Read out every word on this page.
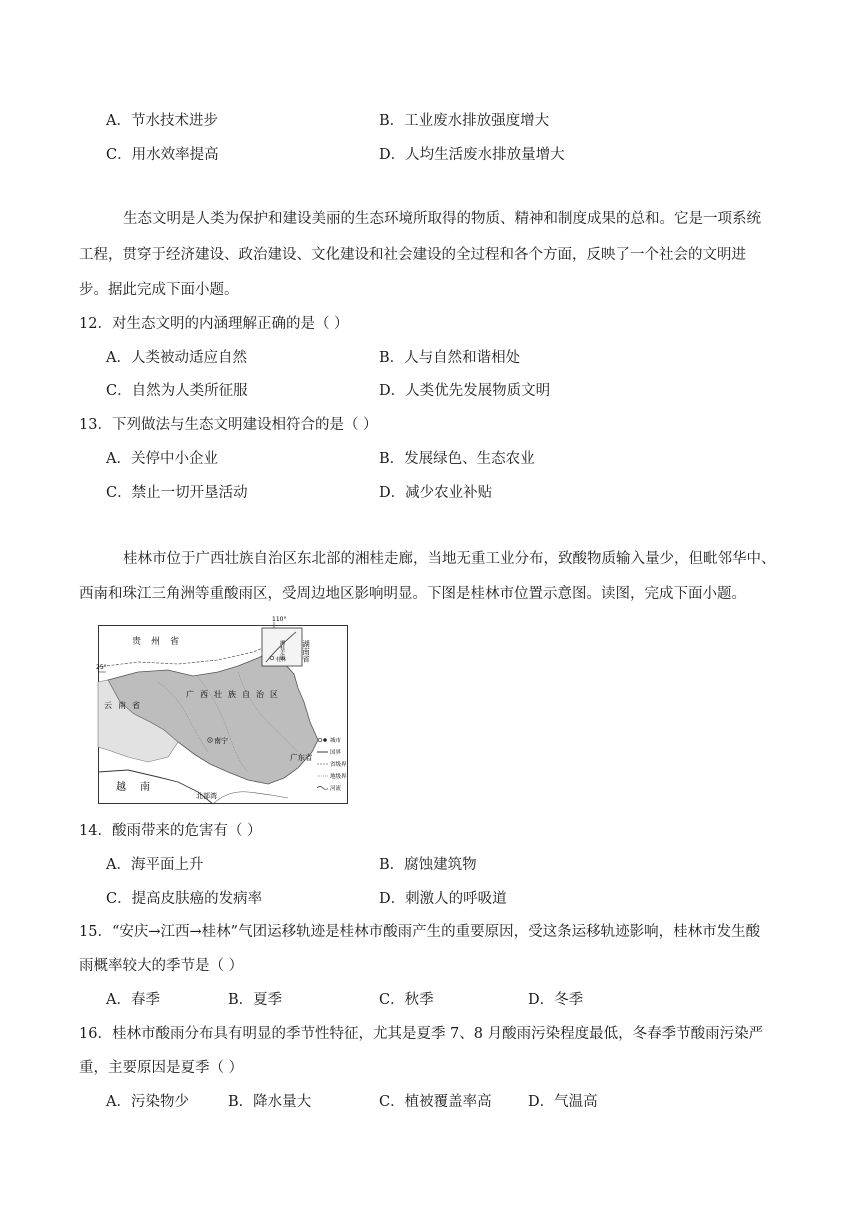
A．节水技术进步	B．工业废水排放强度增大
C．用水效率提高	D．人均生活废水排放量增大
生态文明是人类为保护和建设美丽的生态环境所取得的物质、精神和制度成果的总和。它是一项系统
工程，贯穿于经济建设、政治建设、文化建设和社会建设的全过程和各个方面，反映了一个社会的文明进
步。据此完成下面小题。
12．对生态文明的内涵理解正确的是（ ）
A．人类被动适应自然	B．人与自然和谐相处
C．自然为人类所征服	D．人类优先发展物质文明
13．下列做法与生态文明建设相符合的是（ ）
A．关停中小企业	B．发展绿色、生态农业
C．禁止一切开垦活动	D．减少农业补贴
桂林市位于广西壮族自治区东北部的湘桂走廊，当地无重工业分布，致酸物质输入量少，但毗邻华中、
西南和珠江三角洲等重酸雨区，受周边地区影响明显。下图是桂林市位置示意图。读图，完成下面小题。
贵州省	湖南省
广西壮族自治区
云南省
广东省
越南
北部湾
南宁
桂林
湘桂走廊
110°
25°
城市
国界
省级界
地级界
河流
14．酸雨带来的危害有（ ）
A．海平面上升	B．腐蚀建筑物
C．提高皮肤癌的发病率	D．刺激人的呼吸道
15．“安庆→江西→桂林”气团运移轨迹是桂林市酸雨产生的重要原因，受这条运移轨迹影响，桂林市发生酸
雨概率较大的季节是（ ）
A．春季	B．夏季	C．秋季	D．冬季
16．桂林市酸雨分布具有明显的季节性特征，尤其是夏季 7、8 月酸雨污染程度最低，冬春季节酸雨污染严
重，主要原因是夏季（ ）
A．污染物少	B．降水量大	C．植被覆盖率高	D．气温高
